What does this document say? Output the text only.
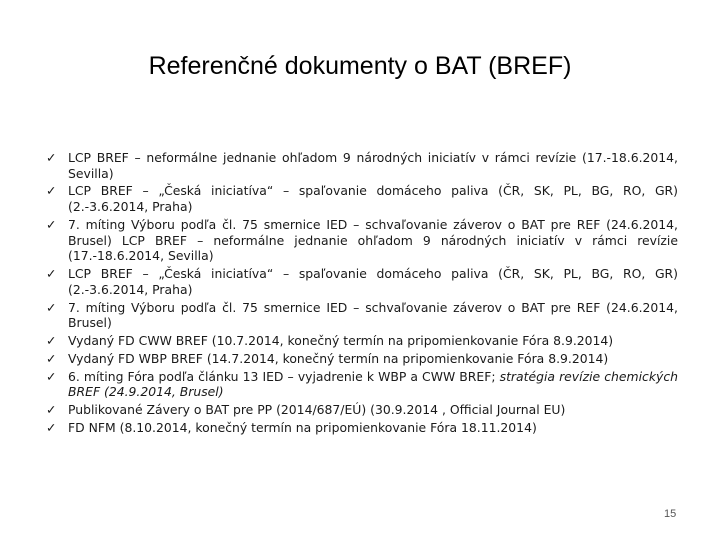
Referenčné dokumenty o BAT (BREF)
✓ LCP BREF – neformálne jednanie ohľadom 9 národných iniciatív v rámci revízie (17.-18.6.2014, Sevilla)
✓ LCP BREF – „Česká iniciatíva“ – spaľovanie domáceho paliva (ČR, SK, PL, BG, RO, GR) (2.-3.6.2014, Praha)
✓ 7. míting Výboru podľa čl. 75 smernice IED – schvaľovanie záverov o BAT pre REF (24.6.2014, Brusel) LCP BREF – neformálne jednanie ohľadom 9 národných iniciatív v rámci revízie (17.-18.6.2014, Sevilla)
✓ LCP BREF – „Česká iniciatíva“ – spaľovanie domáceho paliva (ČR, SK, PL, BG, RO, GR) (2.-3.6.2014, Praha)
✓ 7. míting Výboru podľa čl. 75 smernice IED – schvaľovanie záverov o BAT pre REF (24.6.2014, Brusel)
✓ Vydaný FD CWW BREF (10.7.2014, konečný termín na pripomienkovanie Fóra 8.9.2014)
✓ Vydaný FD WBP BREF (14.7.2014, konečný termín na pripomienkovanie Fóra 8.9.2014)
✓ 6. míting Fóra podľa článku 13 IED – vyjadrenie k WBP a CWW BREF; stratégia revízie chemických BREF (24.9.2014, Brusel)
✓ Publikované Závery o BAT pre PP (2014/687/EÚ) (30.9.2014 , Official Journal EU)
✓ FD NFM (8.10.2014, konečný termín na pripomienkovanie Fóra 18.11.2014)
15
